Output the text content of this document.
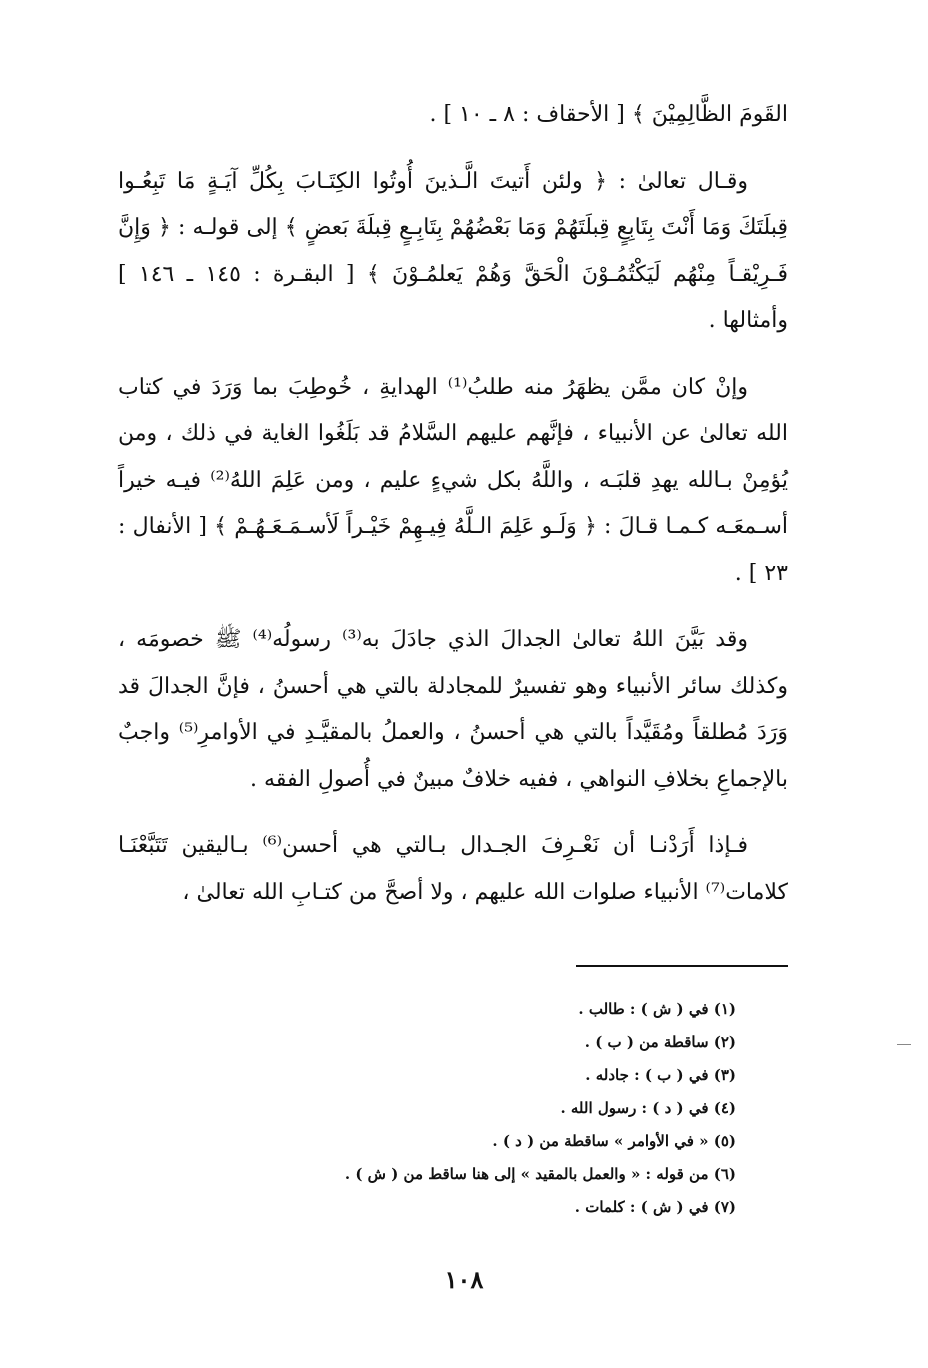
القَومَ الظَّالِمِيْنَ ﴾ [ الأحقاف : ٨ ـ ١٠ ] .

وقـال تعالىٰ : ﴿ ولئن أَتيتَ الَّـذينَ أُوتُوا الكِتَـابَ بِكُلِّ آيَـةٍ مَا تَبِعُـوا قِبلَتَكَ وَمَا أَنْتَ بِتَابِعٍ قِبلَتَهُمْ وَمَا بَعْضُهُمْ بِتَابِـعٍ قِبلَةَ بَعضٍ ﴾ إلى قولـه : ﴿ وَإِنَّ فَـرِيْقـاً مِنْهُم لَيَكْتُمُـوْنَ الْحَقَّ وَهُمْ يَعلمُـوْنَ ﴾ [ البقـرة : ١٤٥ ـ ١٤٦ ] وأمثالها .

وإنْ كان ممَّن يظهَرُ منه طلبُ⁽¹⁾ الهدايةِ ، خُوطِبَ بما وَرَدَ في كتاب الله تعالىٰ عن الأنبياء ، فإنَّهم عليهم السَّلامُ قد بَلَغُوا الغاية في ذلك ، ومن يُؤمِنْ بـالله يهدِ قلبَـه ، واللَّهُ بكل شيءٍ عليم ، ومن عَلِمَ اللهُ⁽²⁾ فيـه خيراً أسـمعَـه كـمـا قـالَ : ﴿ وَلَـو عَلِمَ الـلَّهُ فِيـهِمْ خَيْـراً لَأسـمَـعَـهُـمْ ﴾ [ الأنفال : ٢٣ ] .

وقد بَيَّنَ اللهُ تعالىٰ الجدالَ الذي جادَلَ به⁽³⁾ رسولُه⁽⁴⁾ ﷺ خصومَه ، وكذلك سائر الأنبياء وهو تفسيرٌ للمجادلة بالتي هي أحسنُ ، فإنَّ الجدالَ قد وَرَدَ مُطلقاً ومُقَيَّداً بالتي هي أحسنُ ، والعملُ بالمقيَّـدِ في الأوامرِ⁽⁵⁾ واجبٌ بالإجماعِ بخلافِ النواهي ، ففيه خلافٌ مبينٌ في أُصولِ الفقه .

فـإذا أَرَدْنـا أن نَعْـرِفَ الجـدال بـالتي هي أحسن⁽⁶⁾ بـاليقين تَتَبَّعْنَـا كلامات⁽⁷⁾ الأنبياء صلوات الله عليهم ، ولا أصحَّ من كتـابِ الله تعالىٰ ،

(١) في ( ش ) : طالب .
(٢) ساقطة من ( ب ) .
(٣) في ( ب ) : جادله .
(٤) في ( د ) : رسول الله .
(٥) « في الأوامر » ساقطة من ( د ) .
(٦) من قوله : « والعمل بالمقيد » إلى هنا ساقط من ( ش ) .
(٧) في ( ش ) : كلمات .
١٠٨
